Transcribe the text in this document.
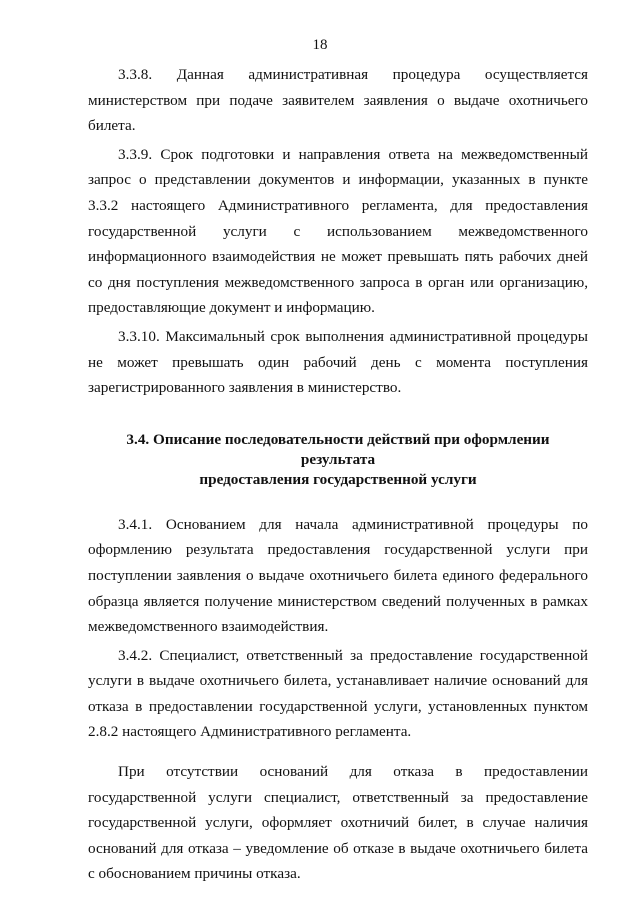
18

3.3.8. Данная административная процедура осуществляется министерством при подаче заявителем заявления о выдаче охотничьего билета.

3.3.9. Срок подготовки и направления ответа на межведомственный запрос о представлении документов и информации, указанных в пункте 3.3.2 настоящего Административного регламента, для предоставления государственной услуги с использованием межведомственного информационного взаимодействия не может превышать пять рабочих дней со дня поступления межведомственного запроса в орган или организацию, предоставляющие документ и информацию.

3.3.10. Максимальный срок выполнения административной процедуры не может превышать один рабочий день с момента поступления зарегистрированного заявления в министерство.

3.4. Описание последовательности действий при оформлении результата
предоставления государственной услуги

3.4.1. Основанием для начала административной процедуры по оформлению результата предоставления государственной услуги при поступлении заявления о выдаче охотничьего билета единого федерального образца является получение министерством сведений полученных в рамках межведомственного взаимодействия.

3.4.2. Специалист, ответственный за предоставление государственной услуги в выдаче охотничьего билета, устанавливает наличие оснований для отказа в предоставлении государственной услуги, установленных пунктом 2.8.2 настоящего Административного регламента.

При отсутствии оснований для отказа в предоставлении государственной услуги специалист, ответственный за предоставление государственной услуги, оформляет охотничий билет, в случае наличия оснований для отказа – уведомление об отказе в выдаче охотничьего билета с обоснованием причины отказа.
